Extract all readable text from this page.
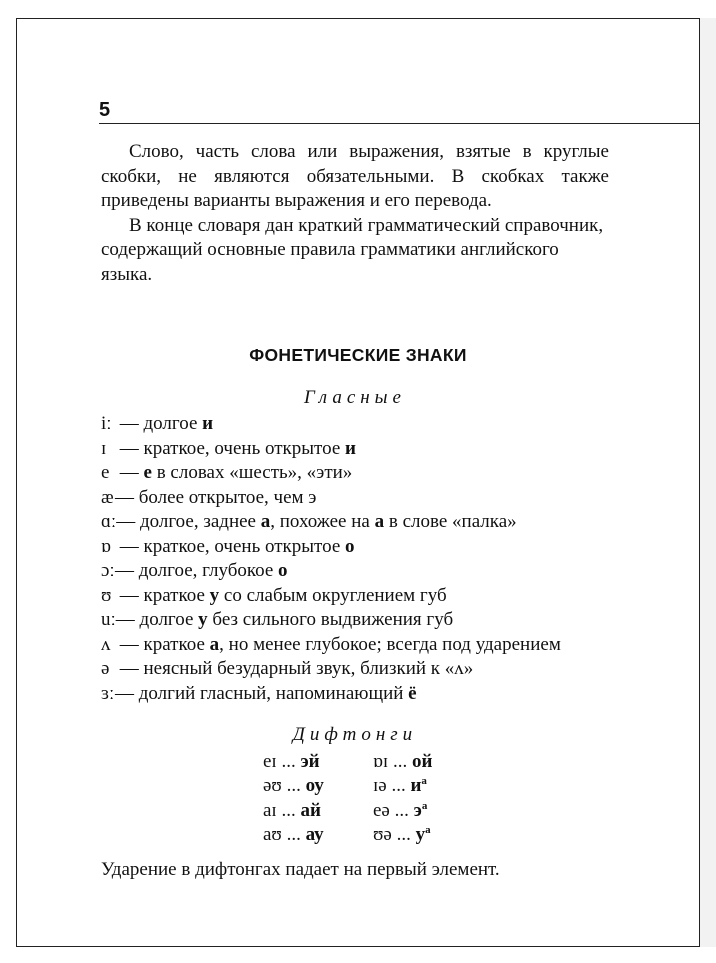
5

Слово, часть слова или выражения, взятые в круглые скобки, не являются обязательными. В скобках также приведены варианты выражения и его перевода.

В конце словаря дан краткий грамматический справочник, содержащий основные правила грамматики английского языка.

ФОНЕТИЧЕСКИЕ ЗНАКИ

Гласные

iː — долгое и
ɪ — краткое, очень открытое и
e — е в словах «шесть», «эти»
æ— более открытое, чем э
ɑː— долгое, заднее а, похожее на а в слове «палка»
ɒ — краткое, очень открытое о
ɔː— долгое, глубокое о
ʊ — краткое у со слабым округлением губ
uː— долгое у без сильного выдвижения губ
ʌ — краткое а, но менее глубокое; всегда под ударением
ə — неясный безударный звук, близкий к «ʌ»
ɜː— долгий гласный, напоминающий ё

Дифтонги

eɪ ... эй	ɒɪ ... ой
əʊ ... оу	ɪə ... $и^а$
aɪ ... ай	eə ... $э^а$
aʊ ... ау	ʊə ... $у^а$

Ударение в дифтонгах падает на первый элемент.
